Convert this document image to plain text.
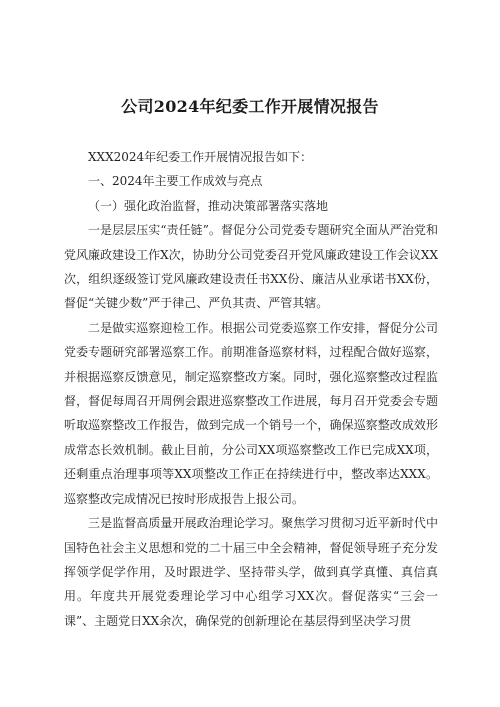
公司2024年纪委工作开展情况报告

XXX2024年纪委工作开展情况报告如下：

一、2024年主要工作成效与亮点

（一）强化政治监督，推动决策部署落实落地

一是层层压实“责任链”。督促分公司党委专题研究全面从严治党和党风廉政建设工作X次，协助分公司党委召开党风廉政建设工作会议XX次，组织逐级签订党风廉政建设责任书XX份、廉洁从业承诺书XX份，督促“关键少数”严于律己、严负其责、严管其辖。

二是做实巡察迎检工作。根据公司党委巡察工作安排，督促分公司党委专题研究部署巡察工作。前期准备巡察材料，过程配合做好巡察，并根据巡察反馈意见，制定巡察整改方案。同时，强化巡察整改过程监督，督促每周召开周例会跟进巡察整改工作进展，每月召开党委会专题听取巡察整改工作报告，做到完成一个销号一个，确保巡察整改成效形成常态长效机制。截止目前，分公司XX项巡察整改工作已完成XX项，还剩重点治理事项等XX项整改工作正在持续进行中，整改率达XXX。巡察整改完成情况已按时形成报告上报公司。

三是监督高质量开展政治理论学习。聚焦学习贯彻习近平新时代中国特色社会主义思想和党的二十届三中全会精神，督促领导班子充分发挥领学促学作用，及时跟进学、坚持带头学，做到真学真懂、真信真用。年度共开展党委理论学习中心组学习XX次。督促落实“三会一课”、主题党日XX余次，确保党的创新理论在基层得到坚决学习贯
